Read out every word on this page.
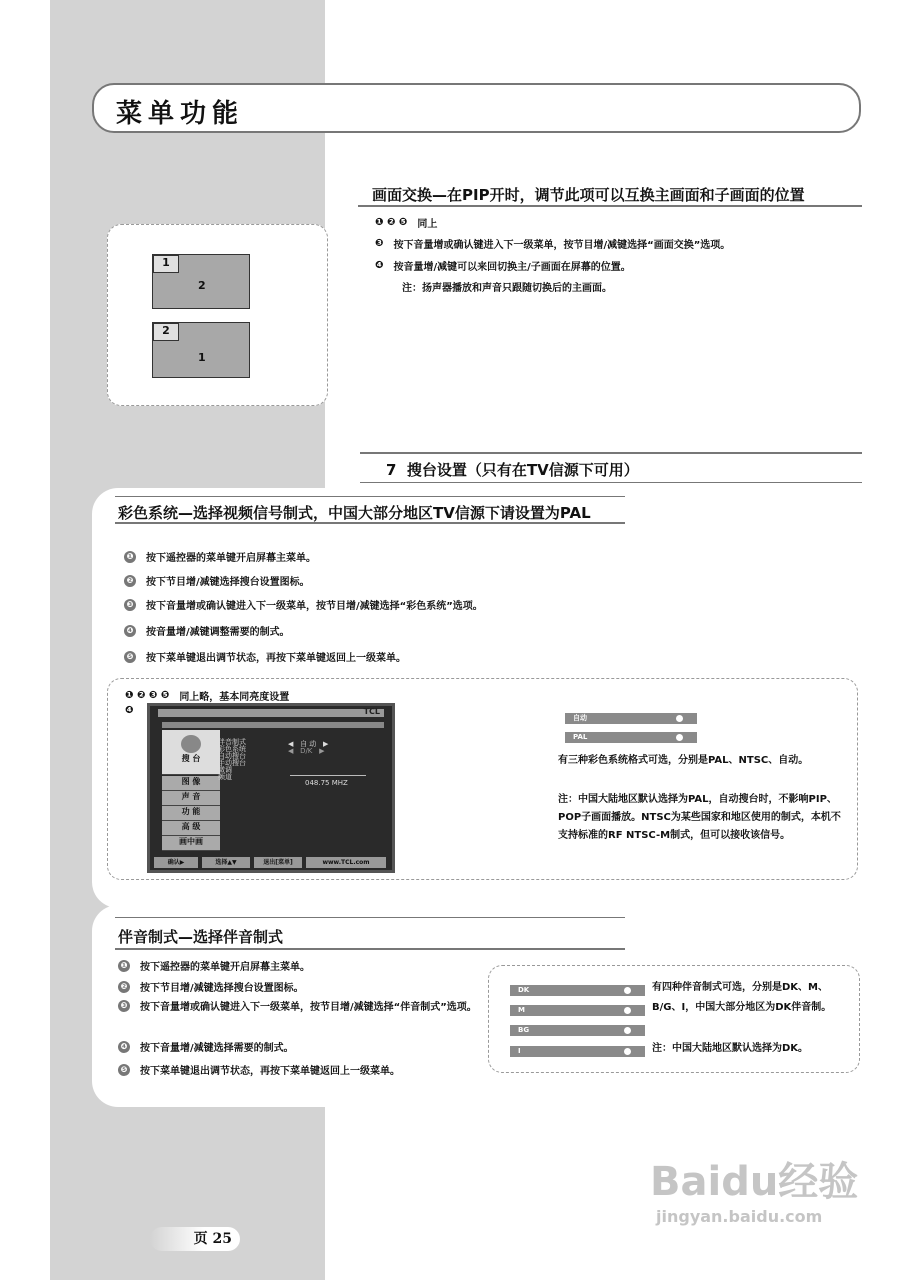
菜单功能
画面交换—在PIP开时，调节此项可以互换主画面和子画面的位置
❶ ❷ ❺ 同上
❸ 按下音量增或确认键进入下一级菜单，按节目增/减键选择“画面交换”选项。
❹ 按音量增/减键可以来回切换主/子画面在屏幕的位置。
注：扬声器播放和声音只跟随切换后的主画面。
1
2
2
1
7 搜台设置（只有在TV信源下可用）
彩色系统—选择视频信号制式，中国大部分地区TV信源下请设置为PAL
❶ 按下遥控器的菜单键开启屏幕主菜单。
❷ 按下节目增/减键选择搜台设置图标。
❸ 按下音量增或确认键进入下一级菜单，按节目增/减键选择“彩色系统”选项。
❹ 按音量增/减键调整需要的制式。
❺ 按下菜单键退出调节状态，再按下菜单键返回上一级菜单。
❶ ❷ ❸ ❺ 同上略，基本同亮度设置
❹	TCL
搜 台
图 像
声 音
功 能
高 级
画中画
伴音制式
彩色系统
自动搜台
手动搜台
微调
频道
◀   自 动   ▶
◀   D/K   ▶
048.75 MHZ
确认▶	选择▲▼	退出[菜单]	www.TCL.com
自动
PAL
有三种彩色系统格式可选，分别是PAL、NTSC、自动。
注：中国大陆地区默认选择为PAL，自动搜台时，不影响PIP、POP子画面播放。NTSC为某些国家和地区使用的制式，本机不支持标准的RF NTSC-M制式，但可以接收该信号。
伴音制式—选择伴音制式
❶ 按下遥控器的菜单键开启屏幕主菜单。
❷ 按下节目增/减键选择搜台设置图标。
❸ 按下音量增或确认键进入下一级菜单，按节目增/减键选择“伴音制式”选项。
❹ 按下音量增/减键选择需要的制式。
❺ 按下菜单键退出调节状态，再按下菜单键返回上一级菜单。
DK
M
BG
I
有四种伴音制式可选，分别是DK、M、B/G、I，中国大部分地区为DK伴音制。
注：中国大陆地区默认选择为DK。
页 25
Baidu经验
jingyan.baidu.com
